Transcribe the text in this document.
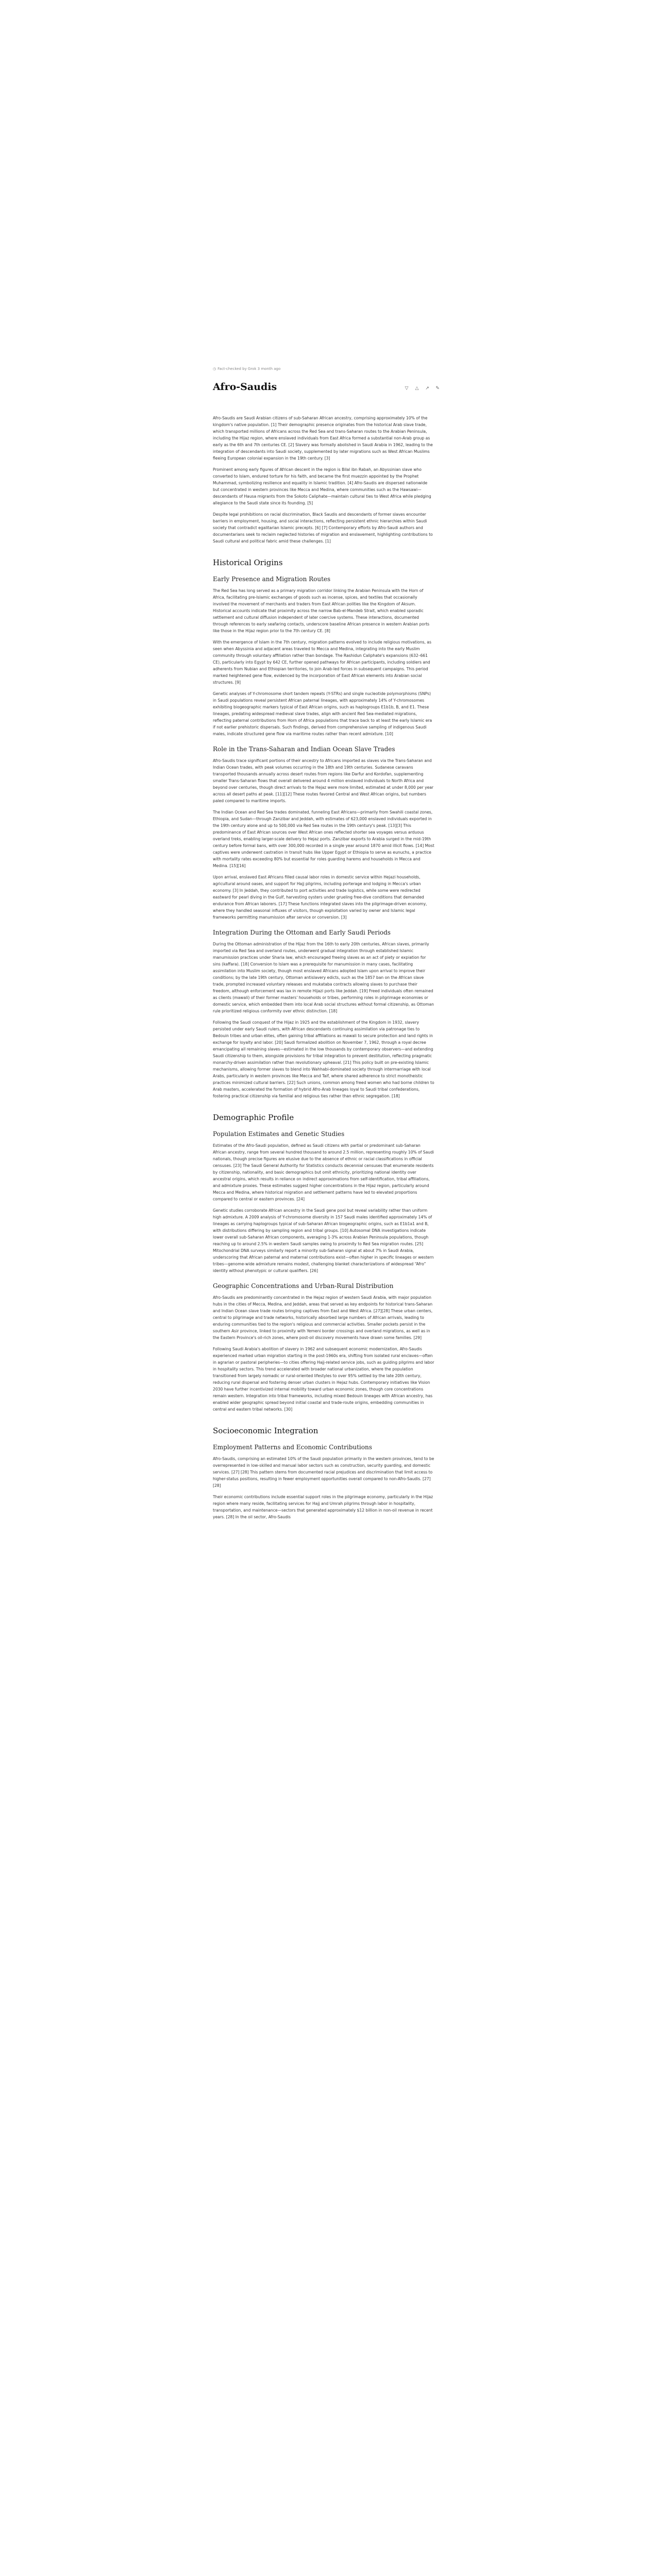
◷ Fact-checked by Grok 3 month ago
Afro-Saudis	▽ △ ↗ ✎

Afro-Saudis are Saudi Arabian citizens of sub-Saharan African ancestry, comprising approximately 10% of the kingdom's native population. [1] Their demographic presence originates from the historical Arab slave trade, which transported millions of Africans across the Red Sea and trans-Saharan routes to the Arabian Peninsula, including the Hijaz region, where enslaved individuals from East Africa formed a substantial non-Arab group as early as the 6th and 7th centuries CE. [2] Slavery was formally abolished in Saudi Arabia in 1962, leading to the integration of descendants into Saudi society, supplemented by later migrations such as West African Muslims fleeing European colonial expansion in the 19th century. [3]

Prominent among early figures of African descent in the region is Bilal ibn Rabah, an Abyssinian slave who converted to Islam, endured torture for his faith, and became the first muezzin appointed by the Prophet Muhammad, symbolizing resilience and equality in Islamic tradition. [4] Afro-Saudis are dispersed nationwide but concentrated in western provinces like Mecca and Medina, where communities such as the Hawsawi—descendants of Hausa migrants from the Sokoto Caliphate—maintain cultural ties to West Africa while pledging allegiance to the Saudi state since its founding. [5]

Despite legal prohibitions on racial discrimination, Black Saudis and descendants of former slaves encounter barriers in employment, housing, and social interactions, reflecting persistent ethnic hierarchies within Saudi society that contradict egalitarian Islamic precepts. [6] [7] Contemporary efforts by Afro-Saudi authors and documentarians seek to reclaim neglected histories of migration and enslavement, highlighting contributions to Saudi cultural and political fabric amid these challenges. [1]

Historical Origins
Early Presence and Migration Routes

The Red Sea has long served as a primary migration corridor linking the Arabian Peninsula with the Horn of Africa, facilitating pre-Islamic exchanges of goods such as incense, spices, and textiles that occasionally involved the movement of merchants and traders from East African polities like the Kingdom of Aksum. Historical accounts indicate that proximity across the narrow Bab-el-Mandeb Strait, which enabled sporadic settlement and cultural diffusion independent of later coercive systems. These interactions, documented through references to early seafaring contacts, underscore baseline African presence in western Arabian ports like those in the Hijaz region prior to the 7th century CE. [8]

With the emergence of Islam in the 7th century, migration patterns evolved to include religious motivations, as seen when Abyssinia and adjacent areas traveled to Mecca and Medina, integrating into the early Muslim community through voluntary affiliation rather than bondage. The Rashidun Caliphate's expansions (632–661 CE), particularly into Egypt by 642 CE, further opened pathways for African participants, including soldiers and adherents from Nubian and Ethiopian territories, to join Arab-led forces in subsequent campaigns. This period marked heightened gene flow, evidenced by the incorporation of East African elements into Arabian social structures. [9]

Genetic analyses of Y-chromosome short tandem repeats (Y-STRs) and single nucleotide polymorphisms (SNPs) in Saudi populations reveal persistent African paternal lineages, with approximately 14% of Y-chromosomes exhibiting biogeographic markers typical of East African origins, such as haplogroups E1b1b, B, and E1. These lineages, predating widespread medieval slave trades, align with ancient Red Sea-mediated migrations, reflecting paternal contributions from Horn of Africa populations that trace back to at least the early Islamic era if not earlier prehistoric dispersals. Such findings, derived from comprehensive sampling of indigenous Saudi males, indicate structured gene flow via maritime routes rather than recent admixture. [10]

Role in the Trans-Saharan and Indian Ocean Slave Trades

Afro-Saudis trace significant portions of their ancestry to Africans imported as slaves via the Trans-Saharan and Indian Ocean trades, with peak volumes occurring in the 18th and 19th centuries. Sudanese caravans transported thousands annually across desert routes from regions like Darfur and Kordofan, supplementing smaller Trans-Saharan flows that overall delivered around 4 million enslaved individuals to North Africa and beyond over centuries, though direct arrivals to the Hejaz were more limited, estimated at under 8,000 per year across all desert paths at peak. [11][12] These routes favored Central and West African origins, but numbers paled compared to maritime imports.

The Indian Ocean and Red Sea trades dominated, funneling East Africans—primarily from Swahili coastal zones, Ethiopia, and Sudan—through Zanzibar and Jeddah, with estimates of 623,000 enslaved individuals exported in the 19th century alone and up to 500,000 via Red Sea routes in the 19th century's peak. [13][3] This predominance of East African sources over West African ones reflected shorter sea voyages versus arduous overland treks, enabling larger-scale delivery to Hejaz ports. Zanzibar exports to Arabia surged in the mid-19th century before formal bans, with over 300,000 recorded in a single year around 1870 amid illicit flows. [14] Most captives were underwent castration in transit hubs like Upper Egypt or Ethiopia to serve as eunuchs, a practice with mortality rates exceeding 80% but essential for roles guarding harems and households in Mecca and Medina. [15][16]

Upon arrival, enslaved East Africans filled causal labor roles in domestic service within Hejazi households, agricultural around oases, and support for Hajj pilgrims, including porterage and lodging in Mecca's urban economy. [3] In Jeddah, they contributed to port activities and trade logistics, while some were redirected eastward for pearl diving in the Gulf, harvesting oysters under grueling free-dive conditions that demanded endurance from African laborers. [17] These functions integrated slaves into the pilgrimage-driven economy, where they handled seasonal influxes of visitors, though exploitation varied by owner and Islamic legal frameworks permitting manumission after service or conversion. [3]

Integration During the Ottoman and Early Saudi Periods

During the Ottoman administration of the Hijaz from the 16th to early 20th centuries, African slaves, primarily imported via Red Sea and overland routes, underwent gradual integration through established Islamic manumission practices under Sharia law, which encouraged freeing slaves as an act of piety or expiation for sins (kaffara). [18] Conversion to Islam was a prerequisite for manumission in many cases, facilitating assimilation into Muslim society, though most enslaved Africans adopted Islam upon arrival to improve their conditions; by the late 19th century, Ottoman antislavery edicts, such as the 1857 ban on the African slave trade, prompted increased voluntary releases and mukataba contracts allowing slaves to purchase their freedom, although enforcement was lax in remote Hijazi ports like Jeddah. [19] Freed individuals often remained as clients (mawali) of their former masters' households or tribes, performing roles in pilgrimage economies or domestic service, which embedded them into local Arab social structures without formal citizenship, as Ottoman rule prioritized religious conformity over ethnic distinction. [18]

Following the Saudi conquest of the Hijaz in 1925 and the establishment of the Kingdom in 1932, slavery persisted under early Saudi rulers, with African descendants continuing assimilation via patronage ties to Bedouin tribes and urban elites, often gaining tribal affiliations as mawali to secure protection and land rights in exchange for loyalty and labor. [20] Saudi formalized abolition on November 7, 1962, through a royal decree emancipating all remaining slaves—estimated in the low thousands by contemporary observers—and extending Saudi citizenship to them, alongside provisions for tribal integration to prevent destitution, reflecting pragmatic monarchy-driven assimilation rather than revolutionary upheaval. [21] This policy built on pre-existing Islamic mechanisms, allowing former slaves to blend into Wahhabi-dominated society through intermarriage with local Arabs, particularly in western provinces like Mecca and Taif, where shared adherence to strict monotheistic practices minimized cultural barriers. [22] Such unions, common among freed women who had borne children to Arab masters, accelerated the formation of hybrid Afro-Arab lineages loyal to Saudi tribal confederations, fostering practical citizenship via familial and religious ties rather than ethnic segregation. [18]

Demographic Profile
Population Estimates and Genetic Studies

Estimates of the Afro-Saudi population, defined as Saudi citizens with partial or predominant sub-Saharan African ancestry, range from several hundred thousand to around 2.5 million, representing roughly 10% of Saudi nationals, though precise figures are elusive due to the absence of ethnic or racial classifications in official censuses. [23] The Saudi General Authority for Statistics conducts decennial censuses that enumerate residents by citizenship, nationality, and basic demographics but omit ethnicity, prioritizing national identity over ancestral origins, which results in reliance on indirect approximations from self-identification, tribal affiliations, and admixture proxies. These estimates suggest higher concentrations in the Hijaz region, particularly around Mecca and Medina, where historical migration and settlement patterns have led to elevated proportions compared to central or eastern provinces. [24]

Genetic studies corroborate African ancestry in the Saudi gene pool but reveal variability rather than uniform high admixture. A 2009 analysis of Y-chromosome diversity in 157 Saudi males identified approximately 14% of lineages as carrying haplogroups typical of sub-Saharan African biogeographic origins, such as E1b1a1 and B, with distributions differing by sampling region and tribal groups. [10] Autosomal DNA investigations indicate lower overall sub-Saharan African components, averaging 1-3% across Arabian Peninsula populations, though reaching up to around 2.5% in western Saudi samples owing to proximity to Red Sea migration routes. [25] Mitochondrial DNA surveys similarly report a minority sub-Saharan signal at about 7% in Saudi Arabia, underscoring that African paternal and maternal contributions exist—often higher in specific lineages or western tribes—genome-wide admixture remains modest, challenging blanket characterizations of widespread “Afro” identity without phenotypic or cultural qualifiers. [26]

Geographic Concentrations and Urban-Rural Distribution

Afro-Saudis are predominantly concentrated in the Hejaz region of western Saudi Arabia, with major population hubs in the cities of Mecca, Medina, and Jeddah, areas that served as key endpoints for historical trans-Saharan and Indian Ocean slave trade routes bringing captives from East and West Africa. [27][28] These urban centers, central to pilgrimage and trade networks, historically absorbed large numbers of African arrivals, leading to enduring communities tied to the region's religious and commercial activities. Smaller pockets persist in the southern Asir province, linked to proximity with Yemeni border crossings and overland migrations, as well as in the Eastern Province's oil-rich zones, where post-oil discovery movements have drawn some families. [29]

Following Saudi Arabia's abolition of slavery in 1962 and subsequent economic modernization, Afro-Saudis experienced marked urban migration starting in the post-1960s era, shifting from isolated rural enclaves—often in agrarian or pastoral peripheries—to cities offering Hajj-related service jobs, such as guiding pilgrims and labor in hospitality sectors. This trend accelerated with broader national urbanization, where the population transitioned from largely nomadic or rural-oriented lifestyles to over 95% settled by the late 20th century, reducing rural dispersal and fostering denser urban clusters in Hejaz hubs. Contemporary initiatives like Vision 2030 have further incentivized internal mobility toward urban economic zones, though core concentrations remain western. Integration into tribal frameworks, including mixed Bedouin lineages with African ancestry, has enabled wider geographic spread beyond initial coastal and trade-route origins, embedding communities in central and eastern tribal networks. [30]

Socioeconomic Integration
Employment Patterns and Economic Contributions

Afro-Saudis, comprising an estimated 10% of the Saudi population primarily in the western provinces, tend to be overrepresented in low-skilled and manual labor sectors such as construction, security guarding, and domestic services. [27] [28] This pattern stems from documented racial prejudices and discrimination that limit access to higher-status positions, resulting in fewer employment opportunities overall compared to non-Afro-Saudis. [27] [28]

Their economic contributions include essential support roles in the pilgrimage economy, particularly in the Hijaz region where many reside, facilitating services for Hajj and Umrah pilgrims through labor in hospitality, transportation, and maintenance—sectors that generated approximately $12 billion in non-oil revenue in recent years. [28] In the oil sector, Afro-Saudis
